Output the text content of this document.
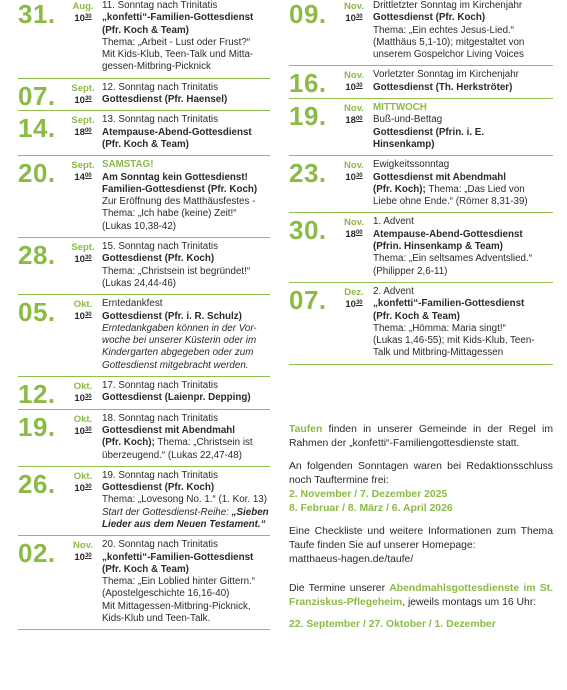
31.	Aug.
$10^{30}$
11. Sonntag nach Trinitatis
„konfetti“-Familien-Gottesdienst
(Pfr. Koch & Team)
Thema: „Arbeit - Lust oder Frust?“
Mit Kids-Klub, Teen-Talk und Mitta-
gessen-Mitbring-Picknick
07.	Sept.
$10^{30}$
12. Sonntag nach Trinitatis
Gottesdienst (Pfr. Haensel)
14.	Sept.
$18^{00}$
13. Sonntag nach Trinitatis
Atempause-Abend-Gottesdienst
(Pfr. Koch & Team)
20.	Sept.
$14^{00}$
SAMSTAG!
Am Sonntag kein Gottesdienst!
Familien-Gottesdienst (Pfr. Koch)
Zur Eröffnung des Matthäusfestes -
Thema: „Ich habe (keine) Zeit!“
(Lukas 10,38-42)
28.	Sept.
$10^{30}$
15. Sonntag nach Trinitatis
Gottesdienst (Pfr. Koch)
Thema: „Christsein ist begründet!“
(Lukas 24,44-46)
05.	Okt.
$10^{30}$
Erntedankfest
Gottesdienst (Pfr. i. R. Schulz)
Erntedankgaben können in der Vor-
woche bei unserer Küsterin oder im
Kindergarten abgegeben oder zum
Gottesdienst mitgebracht werden.
12.	Okt.
$10^{30}$
17. Sonntag nach Trinitatis
Gottesdienst (Laienpr. Depping)
19.	Okt.
$10^{30}$
18. Sonntag nach Trinitatis
Gottesdienst mit Abendmahl
(Pfr. Koch); Thema: „Christsein ist
überzeugend.“ (Lukas 22,47-48)
26.	Okt.
$10^{30}$
19. Sonntag nach Trinitatis
Gottesdienst (Pfr. Koch)
Thema: „Lovesong No. 1.“ (1. Kor. 13)
Start der Gottesdienst-Reihe: „Sieben
Lieder aus dem Neuen Testament.“
02.	Nov.
$10^{30}$
20. Sonntag nach Trinitatis
„konfetti“-Familien-Gottesdienst
(Pfr. Koch & Team)
Thema: „Ein Loblied hinter Gittern.“
(Apostelgeschichte 16,16-40)
Mit Mittagessen-Mitbring-Picknick,
Kids-Klub und Teen-Talk.
09.	Nov.
$10^{30}$
Drittletzter Sonntag im Kirchenjahr
Gottesdienst (Pfr. Koch)
Thema: „Ein echtes Jesus-Lied.“
(Matthäus 5,1-10); mitgestaltet von
unserem Gospelchor Living Voices
16.	Nov.
$10^{30}$
Vorletzter Sonntag im Kirchenjahr
Gottesdienst (Th. Herkströter)
19.	Nov.
$18^{00}$
MITTWOCH
Buß-und-Bettag
Gottesdienst (Pfrin. i. E.
Hinsenkamp)
23.	Nov.
$10^{30}$
Ewigkeitssonntag
Gottesdienst mit Abendmahl
(Pfr. Koch); Thema: „Das Lied von
Liebe ohne Ende.“ (Römer 8,31-39)
30.	Nov.
$18^{00}$
1. Advent
Atempause-Abend-Gottesdienst
(Pfrin. Hinsenkamp & Team)
Thema: „Ein seltsames Adventslied.“
(Philipper 2,6-11)
07.	Dez.
$10^{30}$
2. Advent
„konfetti“-Familien-Gottesdienst
(Pfr. Koch & Team)
Thema: „Hömma: Maria singt!“
(Lukas 1,46-55); mit Kids-Klub, Teen-
Talk und Mitbring-Mittagessen

Taufen finden in unserer Gemeinde in der Regel im Rahmen der „konfetti“-Familiengottesdienste statt.

An folgenden Sonntagen waren bei Redaktionsschluss noch Tauftermine frei:
2. November / 7. Dezember 2025
8. Februar / 8. März / 6. April 2026

Eine Checkliste und weitere Informationen zum Thema Taufe finden Sie auf unserer Homepage:
matthaeus-hagen.de/taufe/

Die Termine unserer Abendmahlsgottesdienste im St. Franziskus-Pflegeheim, jeweils montags um 16 Uhr:

22. September / 27. Oktober / 1. Dezember
